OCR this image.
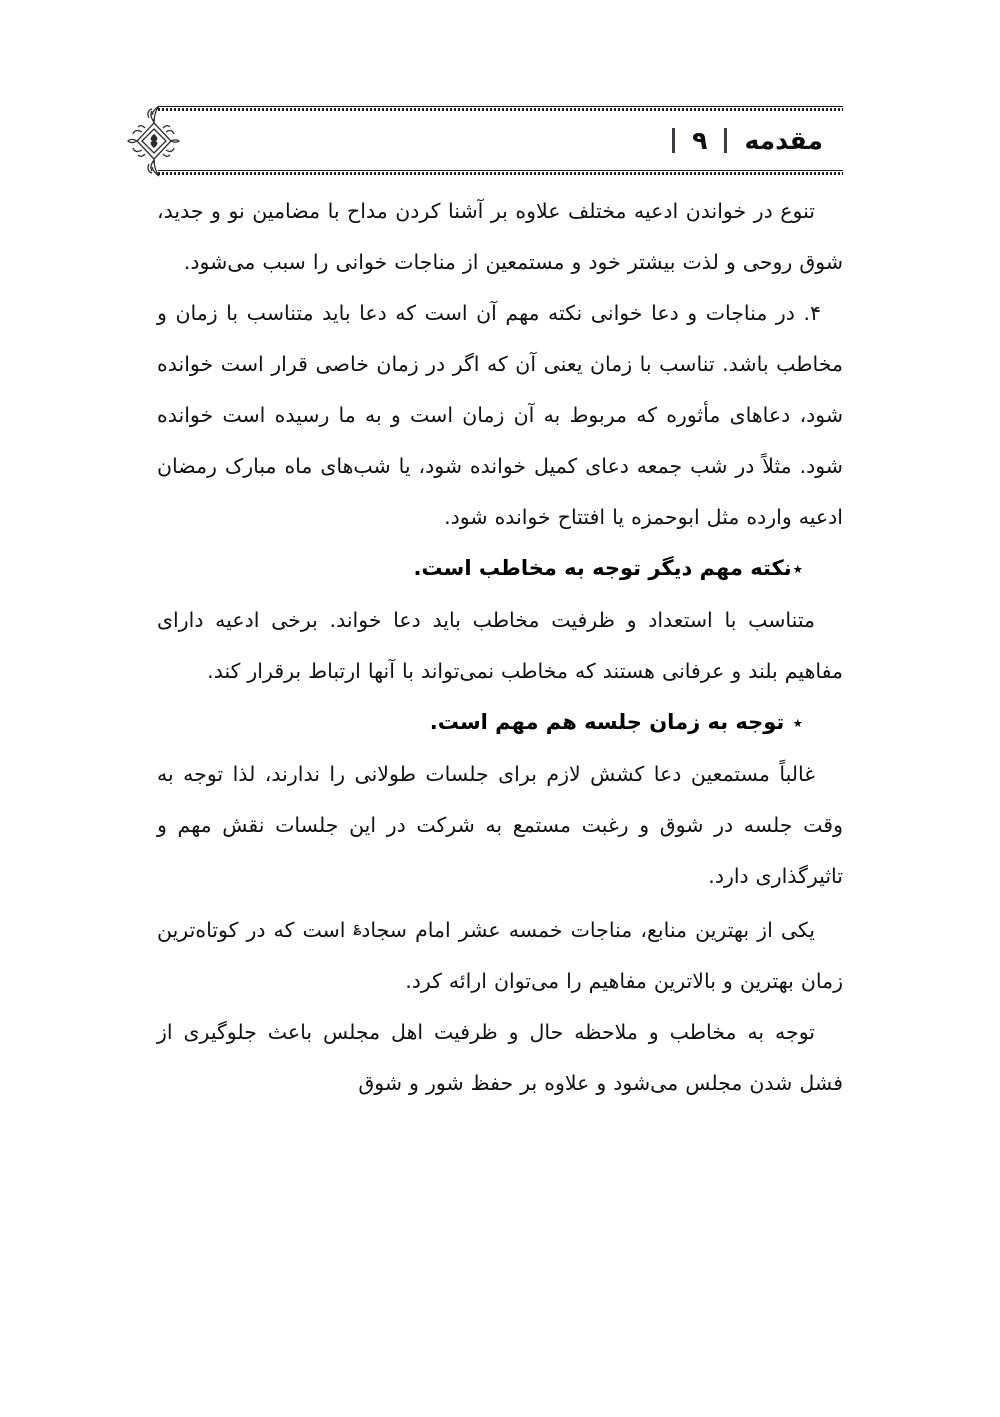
مقدمه
۹

تنوع در خواندن ادعیه مختلف علاوه بر آشنا کردن مداح با مضامین نو و جدید، شوق روحی و لذت بیشتر خود و مستمعین از مناجات خوانی را سبب می‌شود.

۴. در مناجات و دعا خوانی نکته مهم آن است که دعا باید متناسب با زمان و مخاطب باشد. تناسب با زمان یعنی آن که اگر در زمان خاصی قرار است خوانده شود، دعاهای مأثوره که مربوط به آن زمان است و به ما رسیده است خوانده شود. مثلاً در شب جمعه دعای کمیل خوانده شود، یا شب‌های ماه مبارک رمضان ادعیه وارده مثل ابوحمزه یا افتتاح خوانده شود.

٭نکته مهم دیگر توجه به مخاطب است.

متناسب با استعداد و ظرفیت مخاطب باید دعا خواند. برخی ادعیه دارای مفاهیم بلند و عرفانی هستند که مخاطب نمی‌تواند با آنها ارتباط برقرار کند.

٭ توجه به زمان جلسه هم مهم است.

غالباً مستمعین دعا کشش لازم برای جلسات طولانی را ندارند، لذا توجه به وقت جلسه در شوق و رغبت مستمع به شرکت در این جلسات نقش مهم و تاثیرگذاری دارد.

یکی از بهترین منابع، مناجات خمسه عشر امام سجاد؏ است که در کوتاه‌ترین زمان بهترین و بالاترین مفاهیم را می‌توان ارائه کرد.

توجه به مخاطب و ملاحظه حال و ظرفیت اهل مجلس باعث جلوگیری از فشل شدن مجلس می‌شود و علاوه بر حفظ شور و شوق
